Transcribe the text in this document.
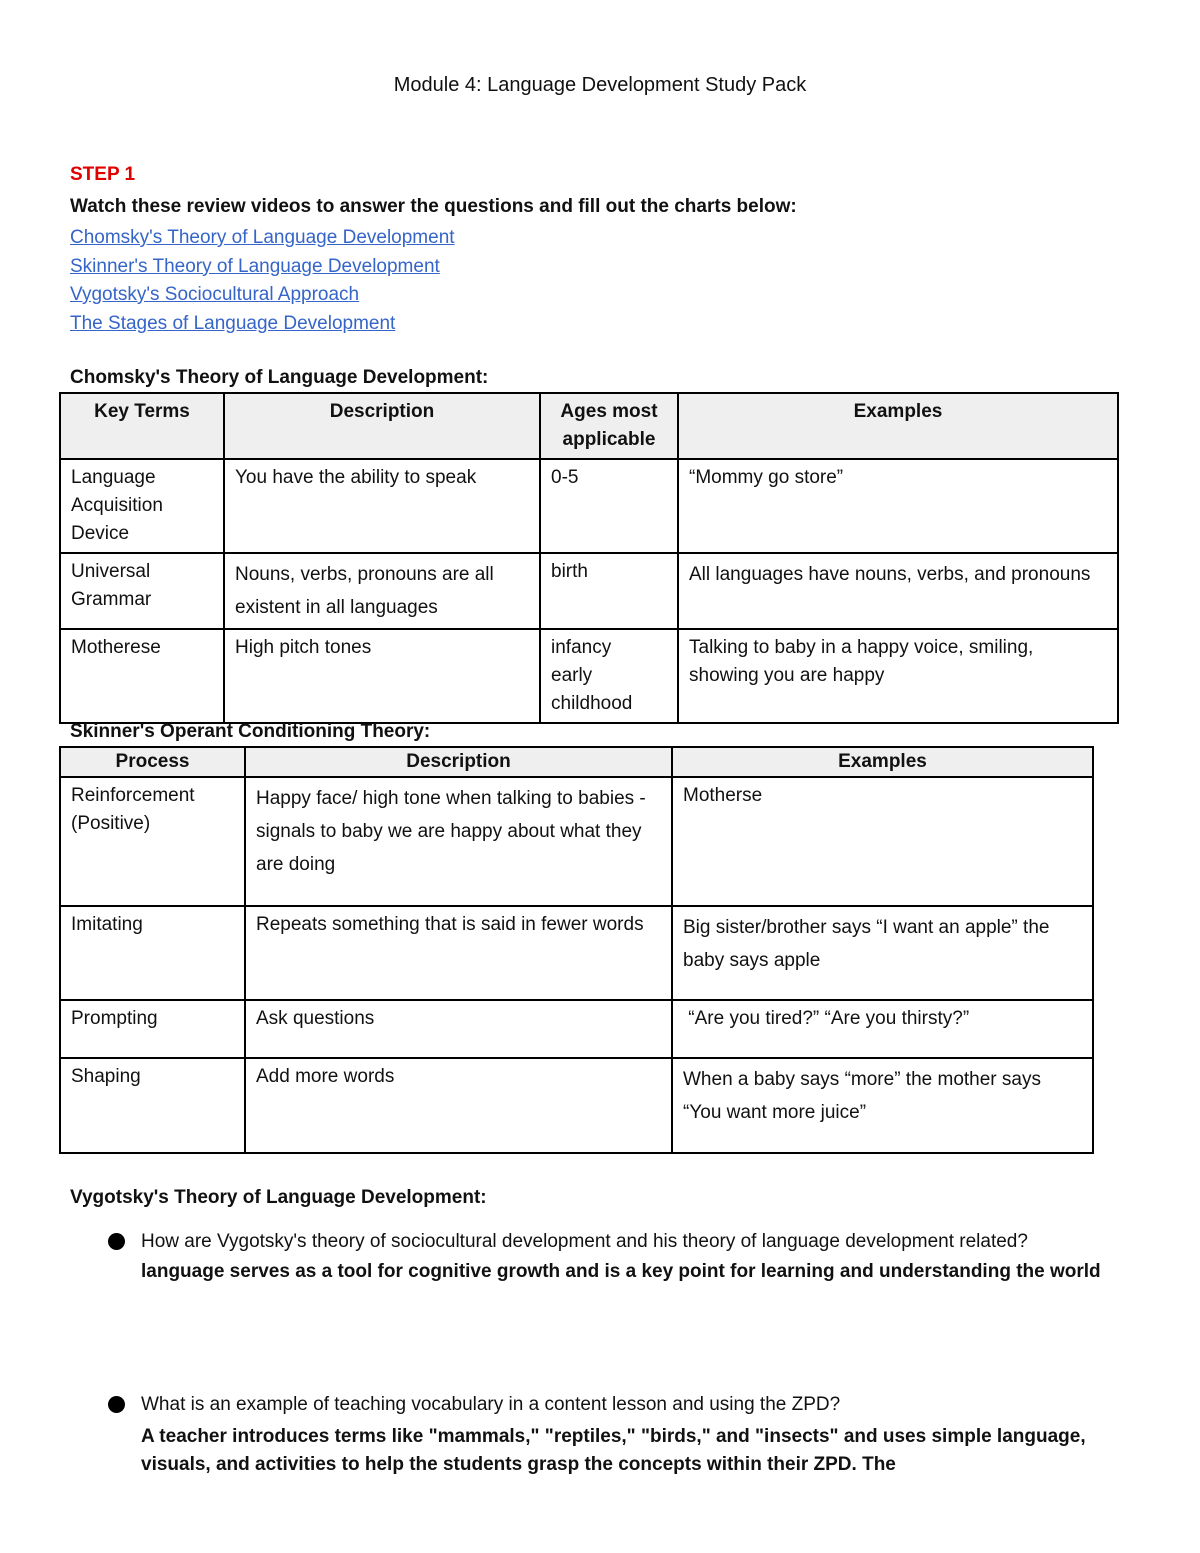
Module 4: Language Development Study Pack
STEP 1
Watch these review videos to answer the questions and fill out the charts below:
Chomsky's Theory of Language Development
Skinner's Theory of Language Development
Vygotsky's Sociocultural Approach
The Stages of Language Development
Chomsky's Theory of Language Development:
Key Terms	Description	Ages most applicable	Examples
Language Acquisition Device	You have the ability to speak	0-5	“Mommy go store”
Universal Grammar	Nouns, verbs, pronouns are all existent in all languages	birth	All languages have nouns, verbs, and pronouns
Motherese	High pitch tones	infancy early childhood	Talking to baby in a happy voice, smiling, showing you are happy
Skinner's Operant Conditioning Theory:
Process	Description	Examples
Reinforcement (Positive)	Happy face/ high tone when talking to babies - signals to baby we are happy about what they are doing	Motherse
Imitating	Repeats something that is said in fewer words	Big sister/brother says “I want an apple” the baby says apple
Prompting	Ask questions	“Are you tired?” “Are you thirsty?”
Shaping	Add more words	When a baby says “more” the mother says “You want more juice”
Vygotsky's Theory of Language Development:
How are Vygotsky's theory of sociocultural development and his theory of language development related?
language serves as a tool for cognitive growth and is a key point for learning and understanding the world
What is an example of teaching vocabulary in a content lesson and using the ZPD?
A teacher introduces terms like "mammals," "reptiles," "birds," and "insects" and uses simple language, visuals, and activities to help the students grasp the concepts within their ZPD. The
